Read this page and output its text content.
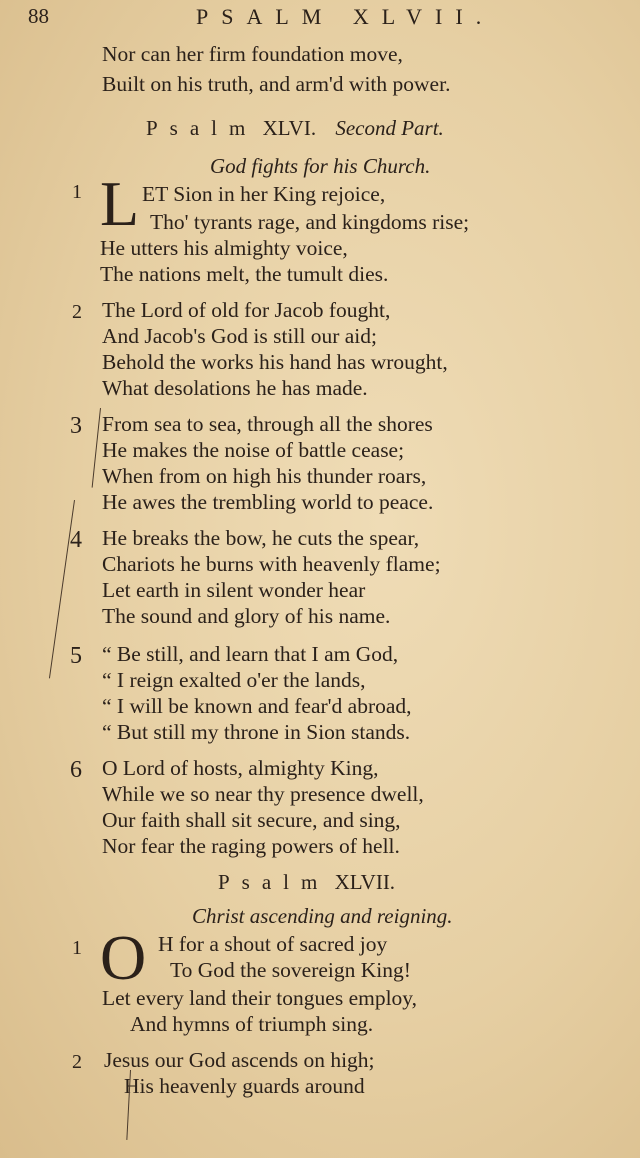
88	PSALM XLVII.
Nor can her firm foundation move,
Built on his truth, and arm'd with power.
Psalm XLVI. Second Part.
God fights for his Church.
1 L ET Sion in her King rejoice,
Tho' tyrants rage, and kingdoms rise;
He utters his almighty voice,
The nations melt, the tumult dies.
2 The Lord of old for Jacob fought,
And Jacob's God is still our aid;
Behold the works his hand has wrought,
What desolations he has made.
3 From sea to sea, through all the shores
He makes the noise of battle cease;
When from on high his thunder roars,
He awes the trembling world to peace.
4 He breaks the bow, he cuts the spear,
Chariots he burns with heavenly flame;
Let earth in silent wonder hear
The sound and glory of his name.
5 “ Be still, and learn that I am God,
“ I reign exalted o'er the lands,
“ I will be known and fear'd abroad,
“ But still my throne in Sion stands.
6 O Lord of hosts, almighty King,
While we so near thy presence dwell,
Our faith shall sit secure, and sing,
Nor fear the raging powers of hell.
Psalm XLVII.
Christ ascending and reigning.
1 O H for a shout of sacred joy
To God the sovereign King!
Let every land their tongues employ,
And hymns of triumph sing.
2 Jesus our God ascends on high;
His heavenly guards around
